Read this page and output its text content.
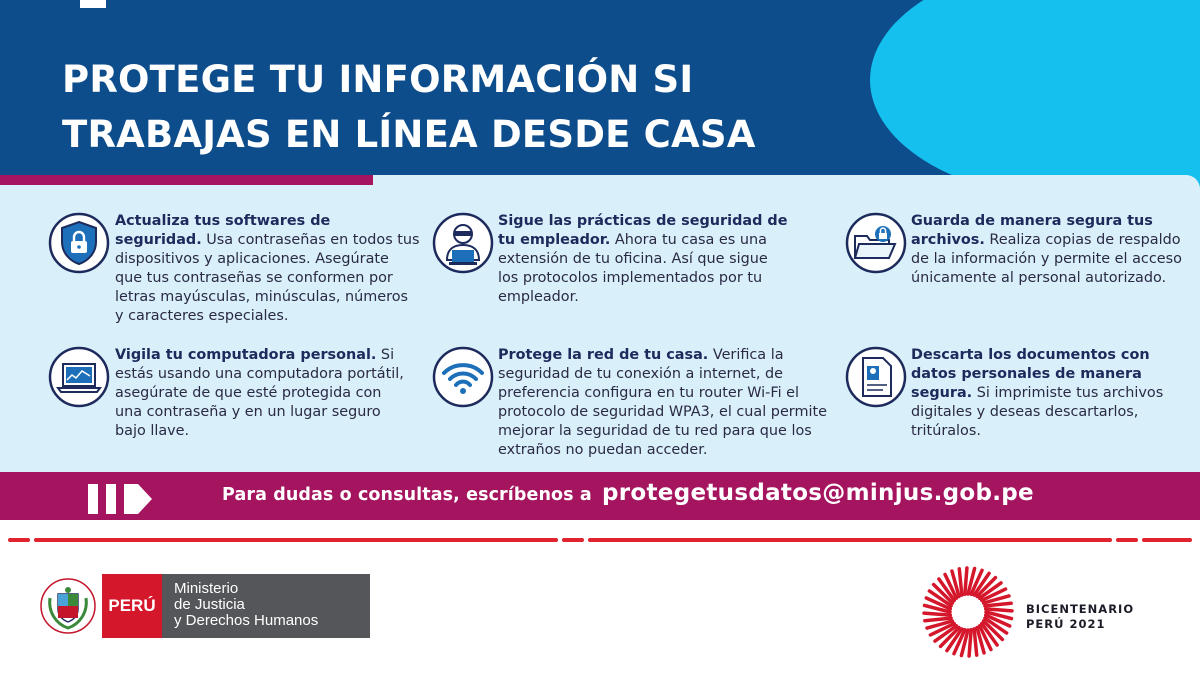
PROTEGE TU INFORMACIÓN SI
TRABAJAS EN LÍNEA DESDE CASA
Actualiza tus softwares de seguridad. Usa contraseñas en todos tus dispositivos y aplicaciones. Asegúrate que tus contraseñas se conformen por letras mayúsculas, minúsculas, números y caracteres especiales.
Sigue las prácticas de seguridad de tu empleador. Ahora tu casa es una extensión de tu oficina. Así que sigue los protocolos implementados por tu empleador.
Guarda de manera segura tus archivos. Realiza copias de respaldo de la información y permite el acceso únicamente al personal autorizado.
Vigila tu computadora personal. Si estás usando una computadora portátil, asegúrate de que esté protegida con una contraseña y en un lugar seguro bajo llave.
Protege la red de tu casa. Verifica la seguridad de tu conexión a internet, de preferencia configura en tu router Wi-Fi el protocolo de seguridad WPA3, el cual permite mejorar la seguridad de tu red para que los extraños no puedan acceder.
Descarta los documentos con datos personales de manera segura. Si imprimiste tus archivos digitales y deseas descartarlos, tritúralos.
Para dudas o consultas, escríbenos a protegetusdatos@minjus.gob.pe
PERÚ
Ministerio
de Justicia
y Derechos Humanos
BICENTENARIO
PERÚ 2021
